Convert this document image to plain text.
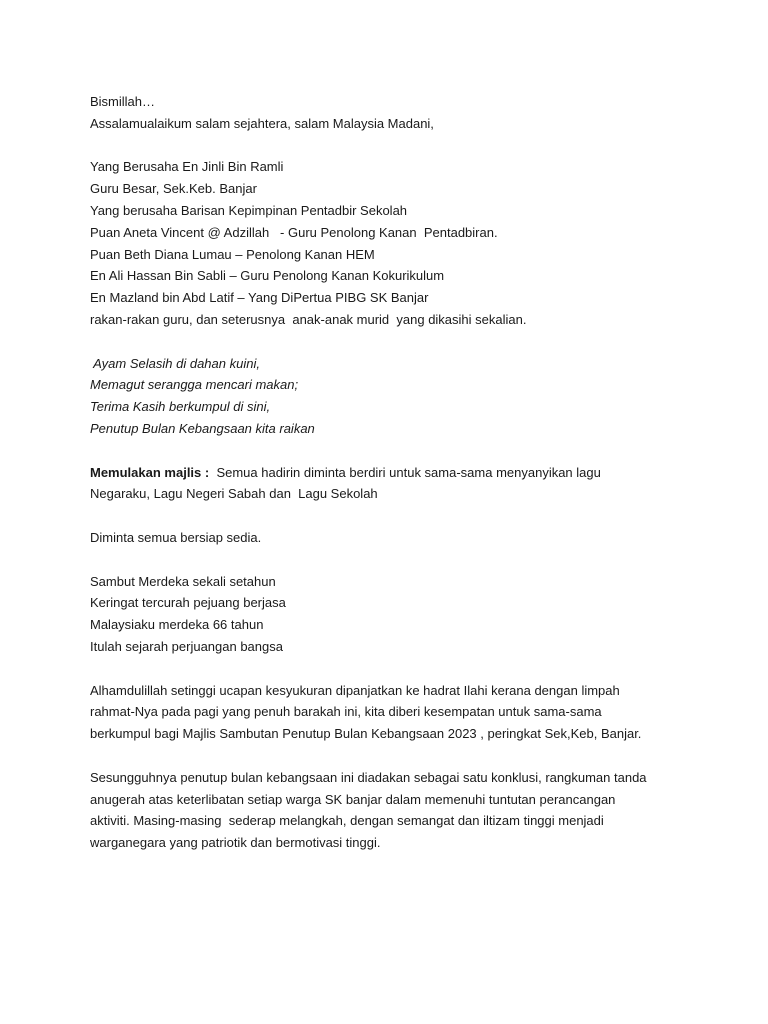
Bismillah…
Assalamualaikum salam sejahtera, salam Malaysia Madani,
Yang Berusaha En Jinli Bin Ramli
Guru Besar, Sek.Keb. Banjar
Yang berusaha Barisan Kepimpinan Pentadbir Sekolah
Puan Aneta Vincent @ Adzillah   - Guru Penolong Kanan  Pentadbiran.
Puan Beth Diana Lumau – Penolong Kanan HEM
En Ali Hassan Bin Sabli – Guru Penolong Kanan Kokurikulum
En Mazland bin Abd Latif – Yang DiPertua PIBG SK Banjar
rakan-rakan guru, dan seterusnya  anak-anak murid  yang dikasihi sekalian.
Ayam Selasih di dahan kuini,
Memagut serangga mencari makan;
Terima Kasih berkumpul di sini,
Penutup Bulan Kebangsaan kita raikan
Memulakan majlis :  Semua hadirin diminta berdiri untuk sama-sama menyanyikan lagu
Negaraku, Lagu Negeri Sabah dan  Lagu Sekolah
Diminta semua bersiap sedia.
Sambut Merdeka sekali setahun
Keringat tercurah pejuang berjasa
Malaysiaku merdeka 66 tahun
Itulah sejarah perjuangan bangsa
Alhamdulillah setinggi ucapan kesyukuran dipanjatkan ke hadrat Ilahi kerana dengan limpah
rahmat-Nya pada pagi yang penuh barakah ini, kita diberi kesempatan untuk sama-sama
berkumpul bagi Majlis Sambutan Penutup Bulan Kebangsaan 2023 , peringkat Sek,Keb, Banjar.
Sesungguhnya penutup bulan kebangsaan ini diadakan sebagai satu konklusi, rangkuman tanda
anugerah atas keterlibatan setiap warga SK banjar dalam memenuhi tuntutan perancangan
aktiviti. Masing-masing  sederap melangkah, dengan semangat dan iltizam tinggi menjadi
warganegara yang patriotik dan bermotivasi tinggi.
